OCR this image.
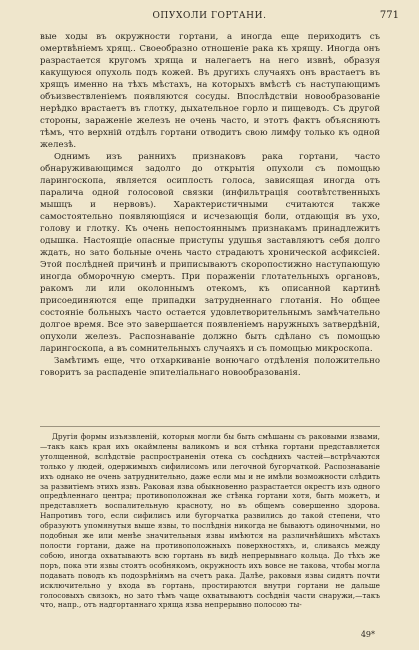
ОПУХОЛИ ГОРТАНИ.	771

вые ходы въ окружности гортани, а иногда еще периходитъ съ омертвѣніемъ хрящ.. Своеобразно отношеніе рака къ хрящу. Иногда онъ разрастается кругомъ хряща и налегаетъ на него извнѣ, образуя какущуюся опухоль подъ кожей. Въ другихъ случаяхъ онъ врастаетъ въ хрящъ именно на тѣхъ мѣстахъ, на которыхъ вмѣстѣ съ наступающимъ объизвествленіемъ появляются сосуды. Впослѣдствіи новообразованіе нерѣдко врастаетъ въ глотку, дыхательное горло и пищеводъ. Съ другой стороны, зараженіе железъ не очень часто, и этотъ фактъ объясняютъ тѣмъ, что верхній отдѣлъ гортани отводитъ свою лимфу только къ одной железѣ.

Однимъ изъ раннихъ признаковъ рака гортани, часто обнаруживающимся задолго до открытія опухоли съ помощью ларингоскопа, является осиплость голоса, зависящая иногда отъ паралича одной голосовой связки (инфильтрація соотвѣтственныхъ мышцъ и нервовъ). Характеристичными считаются также самостоятельно появляющіяся и исчезающія боли, отдающія въ ухо, голову и глотку. Къ очень непостояннымъ признакамъ принадлежитъ одышка. Настоящіе опасные приступы удушья заставляютъ себя долго ждать, но зато больные очень часто страдаютъ хронической асфиксіей. Этой послѣдней причинѣ и приписываютъ скоропостижно наступающую иногда обморочную смерть. При пораженіи глотательныхъ органовъ, ракомъ ли или околоннымъ отекомъ, къ описанной картинѣ присоединяются еще припадки затрудненнаго глотанія. Но общее состояніе больныхъ часто остается удовлетворительнымъ замѣчательно долгое время. Все это завершается появленіемъ наружныхъ затвердѣній, опухоли железъ. Распознаваніе должно быть сдѣлано съ помощью ларингоскопа, а въ сомнительныхъ случаяхъ и съ помощью микроскопа.

Замѣтимъ еще, что отхаркиваніе вонючаго отдѣленія положительно говоритъ за распаденіе эпителіальнаго новообразованія.

Другія формы изъязвленій, которыя могли бы быть смѣшаны съ раковыми язвами,—такъ какъ края ихъ окаймлены валикомъ и вся стѣнка гортани представляется утолщенной, вслѣдствіе распространенія отека съ сосѣднихъ частей—встрѣчаются только у людей, одержимыхъ сифилисомъ или легочной бугорчаткой. Распознаваніе ихъ однако не очень затруднительно, даже если мы и не имѣли возможности слѣдить за развитіемъ этихъ язвъ. Раковая язва обыкновенно разрастается окрестъ изъ одного опредѣленнаго центра; противоположная же стѣнка гортани хотя, быть можетъ, и представляетъ воспалительную краснотy, но въ общемъ совершенно здорова. Напротивъ того, если сифилисъ или бугорчатка развились до такой степени, что образуютъ упомянутыя выше язвы, то послѣднія никогда не бываютъ одиночными, но подобныя же или менѣе значительныя язвы имѣются на различнѣйшихъ мѣстахъ полости гортани, даже на противоположныхъ поверхностяхъ, и, сливаясь между собою, иногда охватываютъ всю гортань въ видѣ непрерывнаго кольца. До тѣхъ же поръ, пока эти язвы стоятъ особнякомъ, окружность ихъ вовсе не такова, чтобы могла подавать поводъ къ подозрѣніямъ на счетъ рака. Далѣе, раковыя язвы сидятъ почти исключительно у входа въ гортань, простираются внутри гортани не дальше голосовыхъ связокъ, но зато тѣмъ чаще охватываютъ сосѣднія части снаружи,—такъ что, напр., отъ надгортаннаго хряща язва непрерывно полосою ты-

49*
